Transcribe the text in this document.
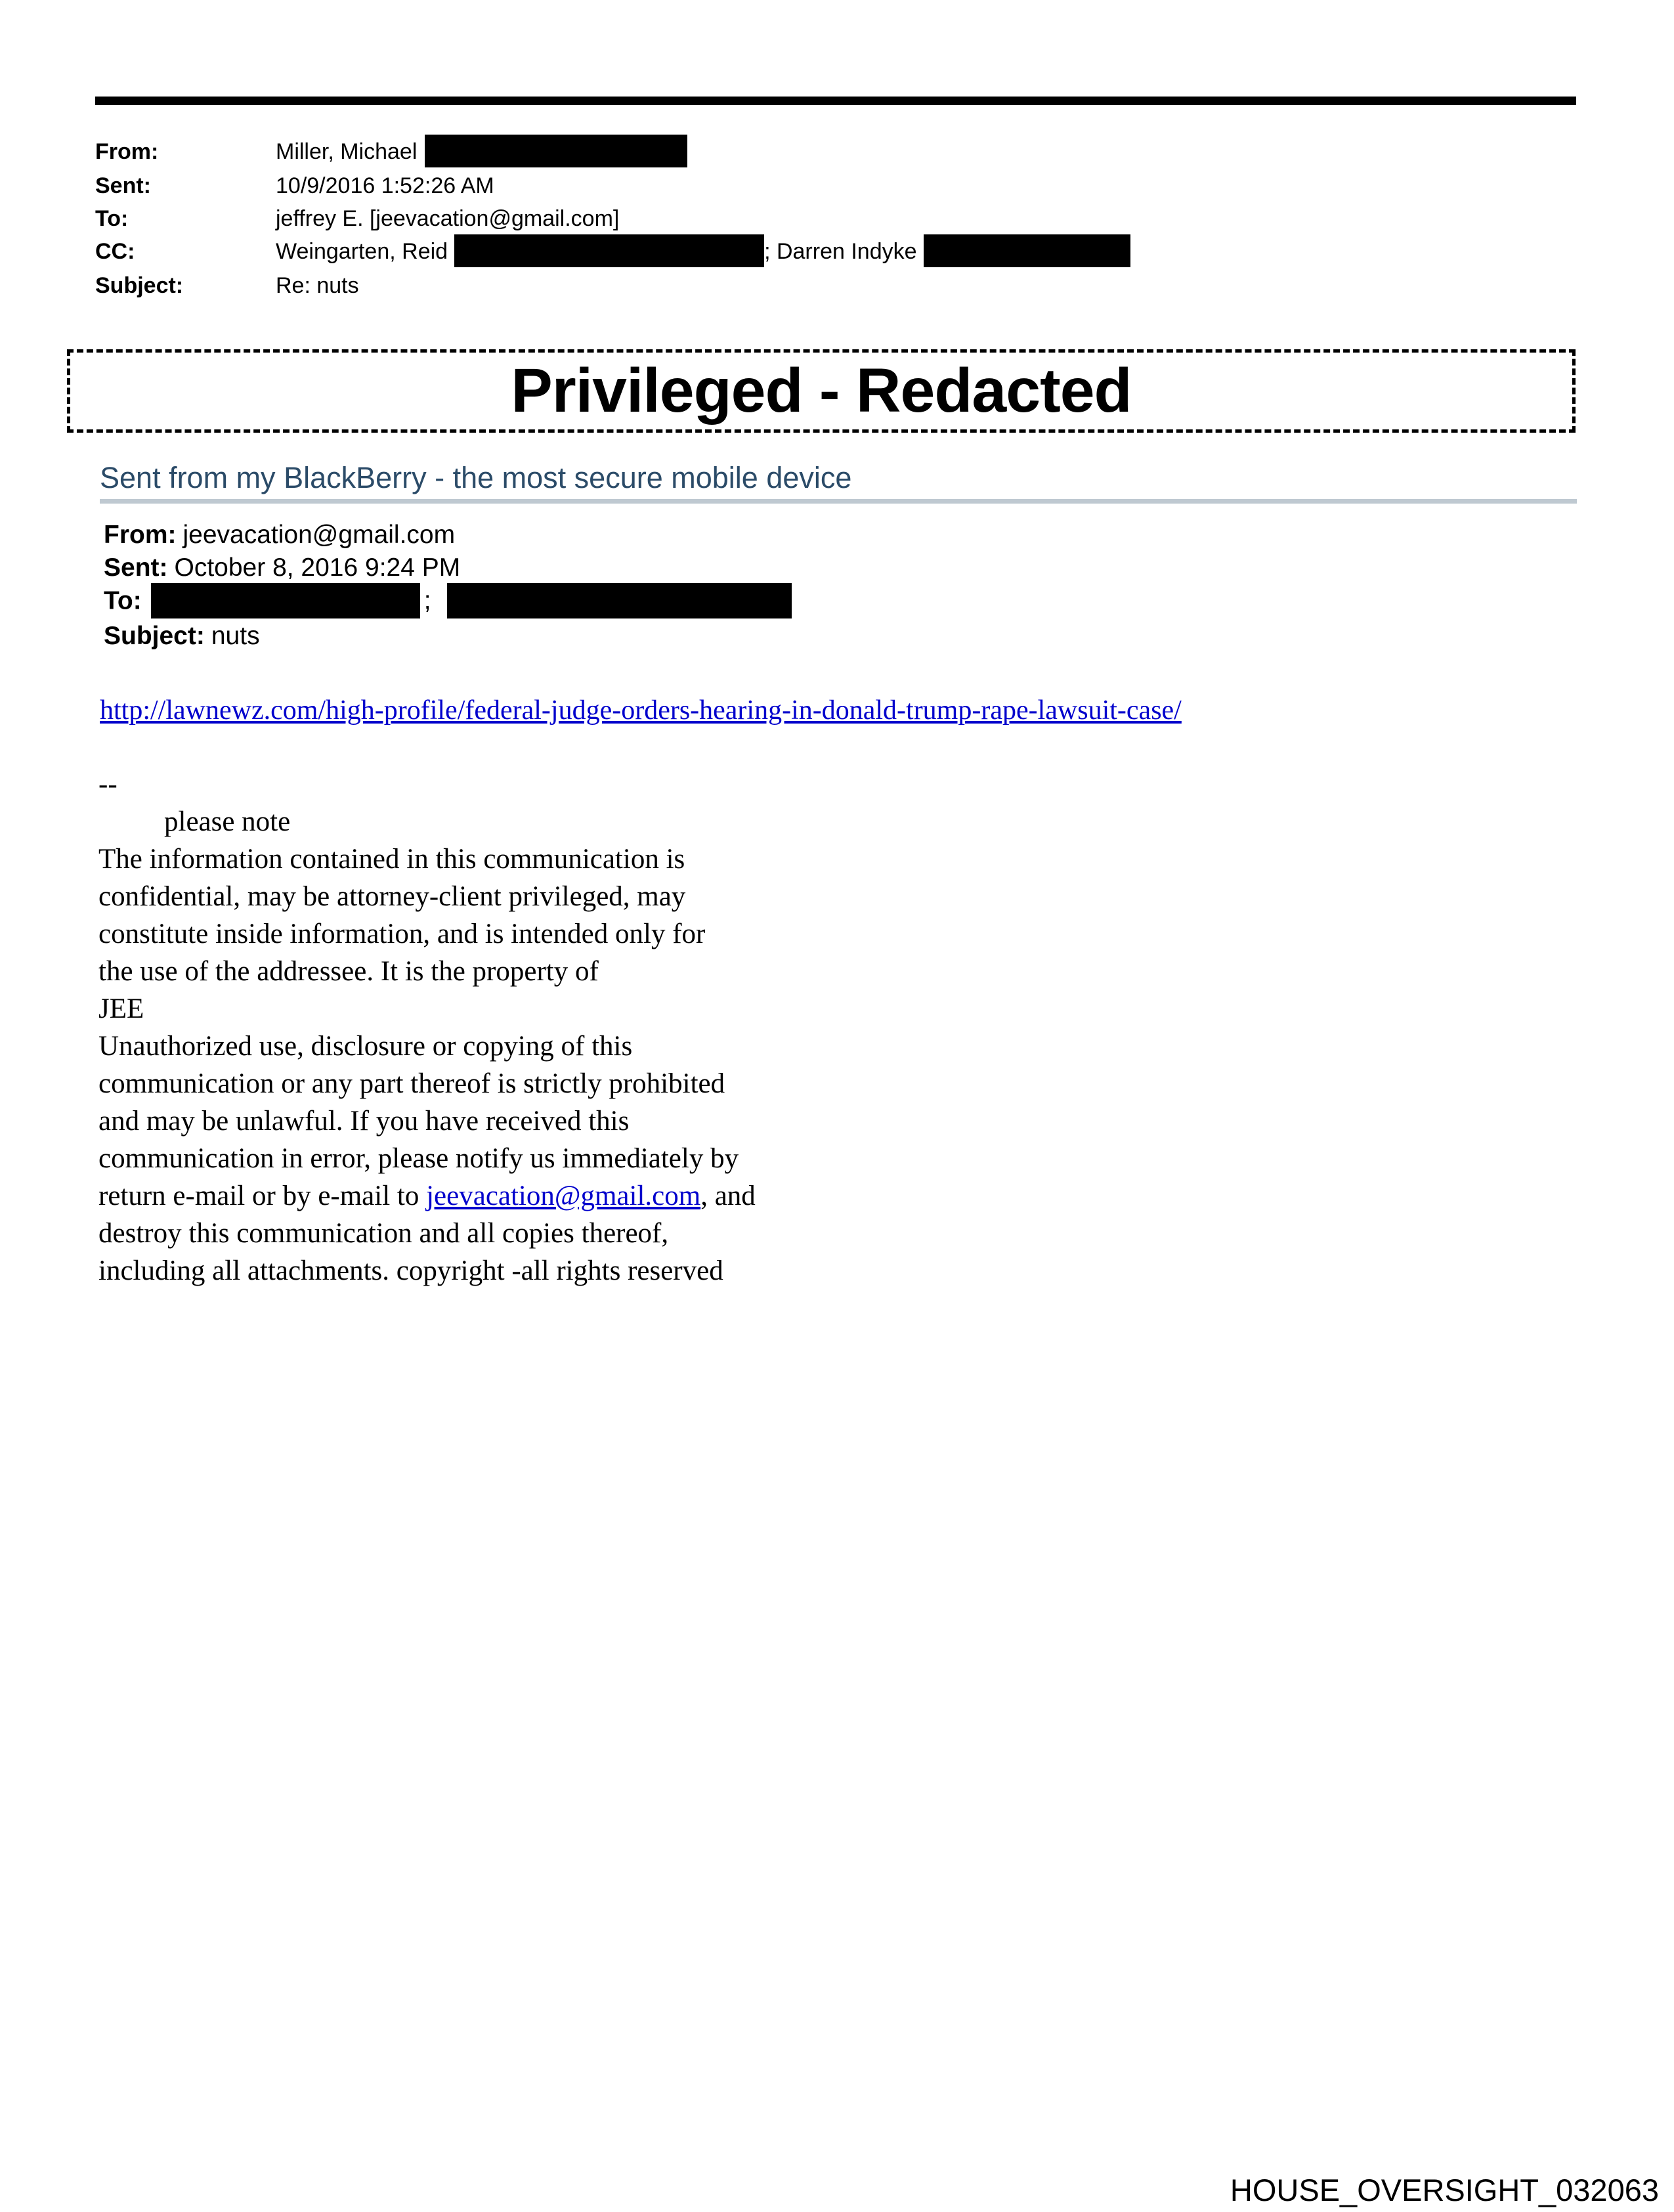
From:	Miller, Michael
Sent:	10/9/2016 1:52:26 AM
To:	jeffrey E. [jeevacation@gmail.com]
CC:	Weingarten, Reid	; Darren Indyke
Subject:	Re: nuts
Privileged - Redacted
Sent from my BlackBerry - the most secure mobile device
From: jeevacation@gmail.com
Sent: October 8, 2016 9:24 PM
To:	;
Subject: nuts
http://lawnewz.com/high-profile/federal-judge-orders-hearing-in-donald-trump-rape-lawsuit-case/
--
please note
The information contained in this communication is
confidential, may be attorney-client privileged, may
constitute inside information, and is intended only for
the use of the addressee. It is the property of
JEE
Unauthorized use, disclosure or copying of this
communication or any part thereof is strictly prohibited
and may be unlawful. If you have received this
communication in error, please notify us immediately by
return e-mail or by e-mail to jeevacation@gmail.com, and
destroy this communication and all copies thereof,
including all attachments. copyright -all rights reserved
HOUSE_OVERSIGHT_032063
